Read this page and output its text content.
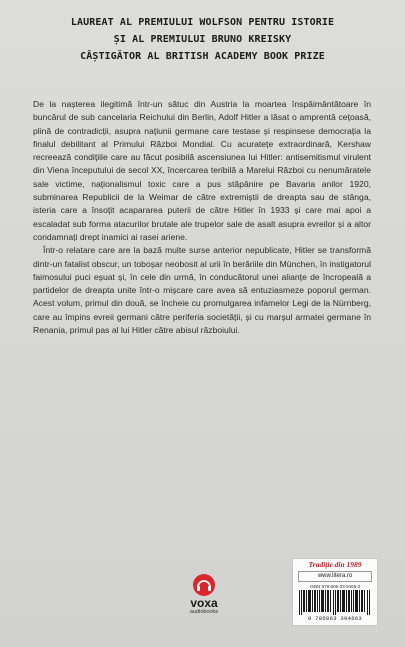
LAUREAT AL PREMIULUI WOLFSON PENTRU ISTORIE
ȘI AL PREMIULUI BRUNO KREISKY
CÂȘTIGĂTOR AL BRITISH ACADEMY BOOK PRIZE

De la nașterea ilegitimă într-un sătuc din Austria la moartea înspăimântătoare în buncărul de sub cancelaria Reichului din Berlin, Adolf Hitler a lăsat o amprentă cețoasă, plină de contradicții, asupra națiunii germane care testase și respinsese democrația la finalul debilitant al Primului Război Mondial. Cu acuratețe extraordinară, Kershaw recreează condițiile care au făcut posibilă ascensiunea lui Hitler: antisemitismul virulent din Viena începutului de secol XX, încercarea teribilă a Marelui Război cu nenumăratele sale victime, naționalismul toxic care a pus stăpânire pe Bavaria anilor 1920, subminarea Republicii de la Weimar de către extremiștii de dreapta sau de stânga, isteria care a însoțit acapararea puterii de către Hitler în 1933 și care mai apoi a escaladat sub forma atacurilor brutale ale trupelor sale de asalt asupra evreilor și a altor condamnați drept inamici ai rasei ariene.

Într-o relatare care are la bază multe surse anterior nepublicate, Hitler se transformă dintr-un fatalist obscur, un toboșar neobosit al urii în berăriile din München, în instigatorul faimosului puci eșuat și, în cele din urmă, în conducătorul unei alianțe de încropeală a partidelor de dreapta unite într-o mișcare care avea să entuziasmeze poporul german. Acest volum, primul din două, se încheie cu promulgarea infamelor Legi de la Nürnberg, care au împins evreii germani către periferia societății, și cu marșul armatei germane în Renania, primul pas al lui Hitler către abisul războiului.

voxa
audiobooks
Tradiție din 1989
www.litera.ro
ISBN 978-606-33-9466-3
9 786063 394663
